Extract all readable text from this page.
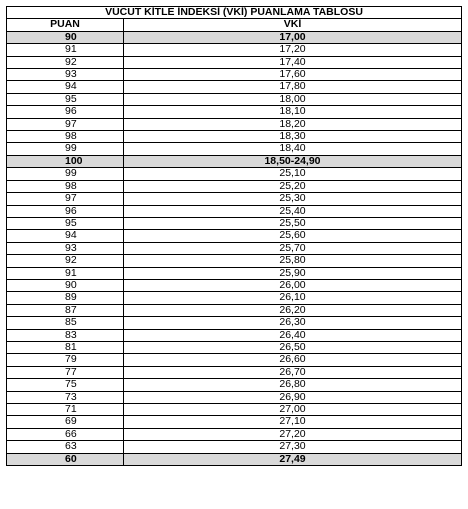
VÜCUT KİTLE İNDEKSİ (VKİ) PUANLAMA TABLOSU	
PUAN	VKİ
90	17,00
91	17,20
92	17,40
93	17,60
94	17,80
95	18,00
96	18,10
97	18,20
98	18,30
99	18,40
100	18,50-24,90
99	25,10
98	25,20
97	25,30
96	25,40
95	25,50
94	25,60
93	25,70
92	25,80
91	25,90
90	26,00
89	26,10
87	26,20
85	26,30
83	26,40
81	26,50
79	26,60
77	26,70
75	26,80
73	26,90
71	27,00
69	27,10
66	27,20
63	27,30
60	27,49
